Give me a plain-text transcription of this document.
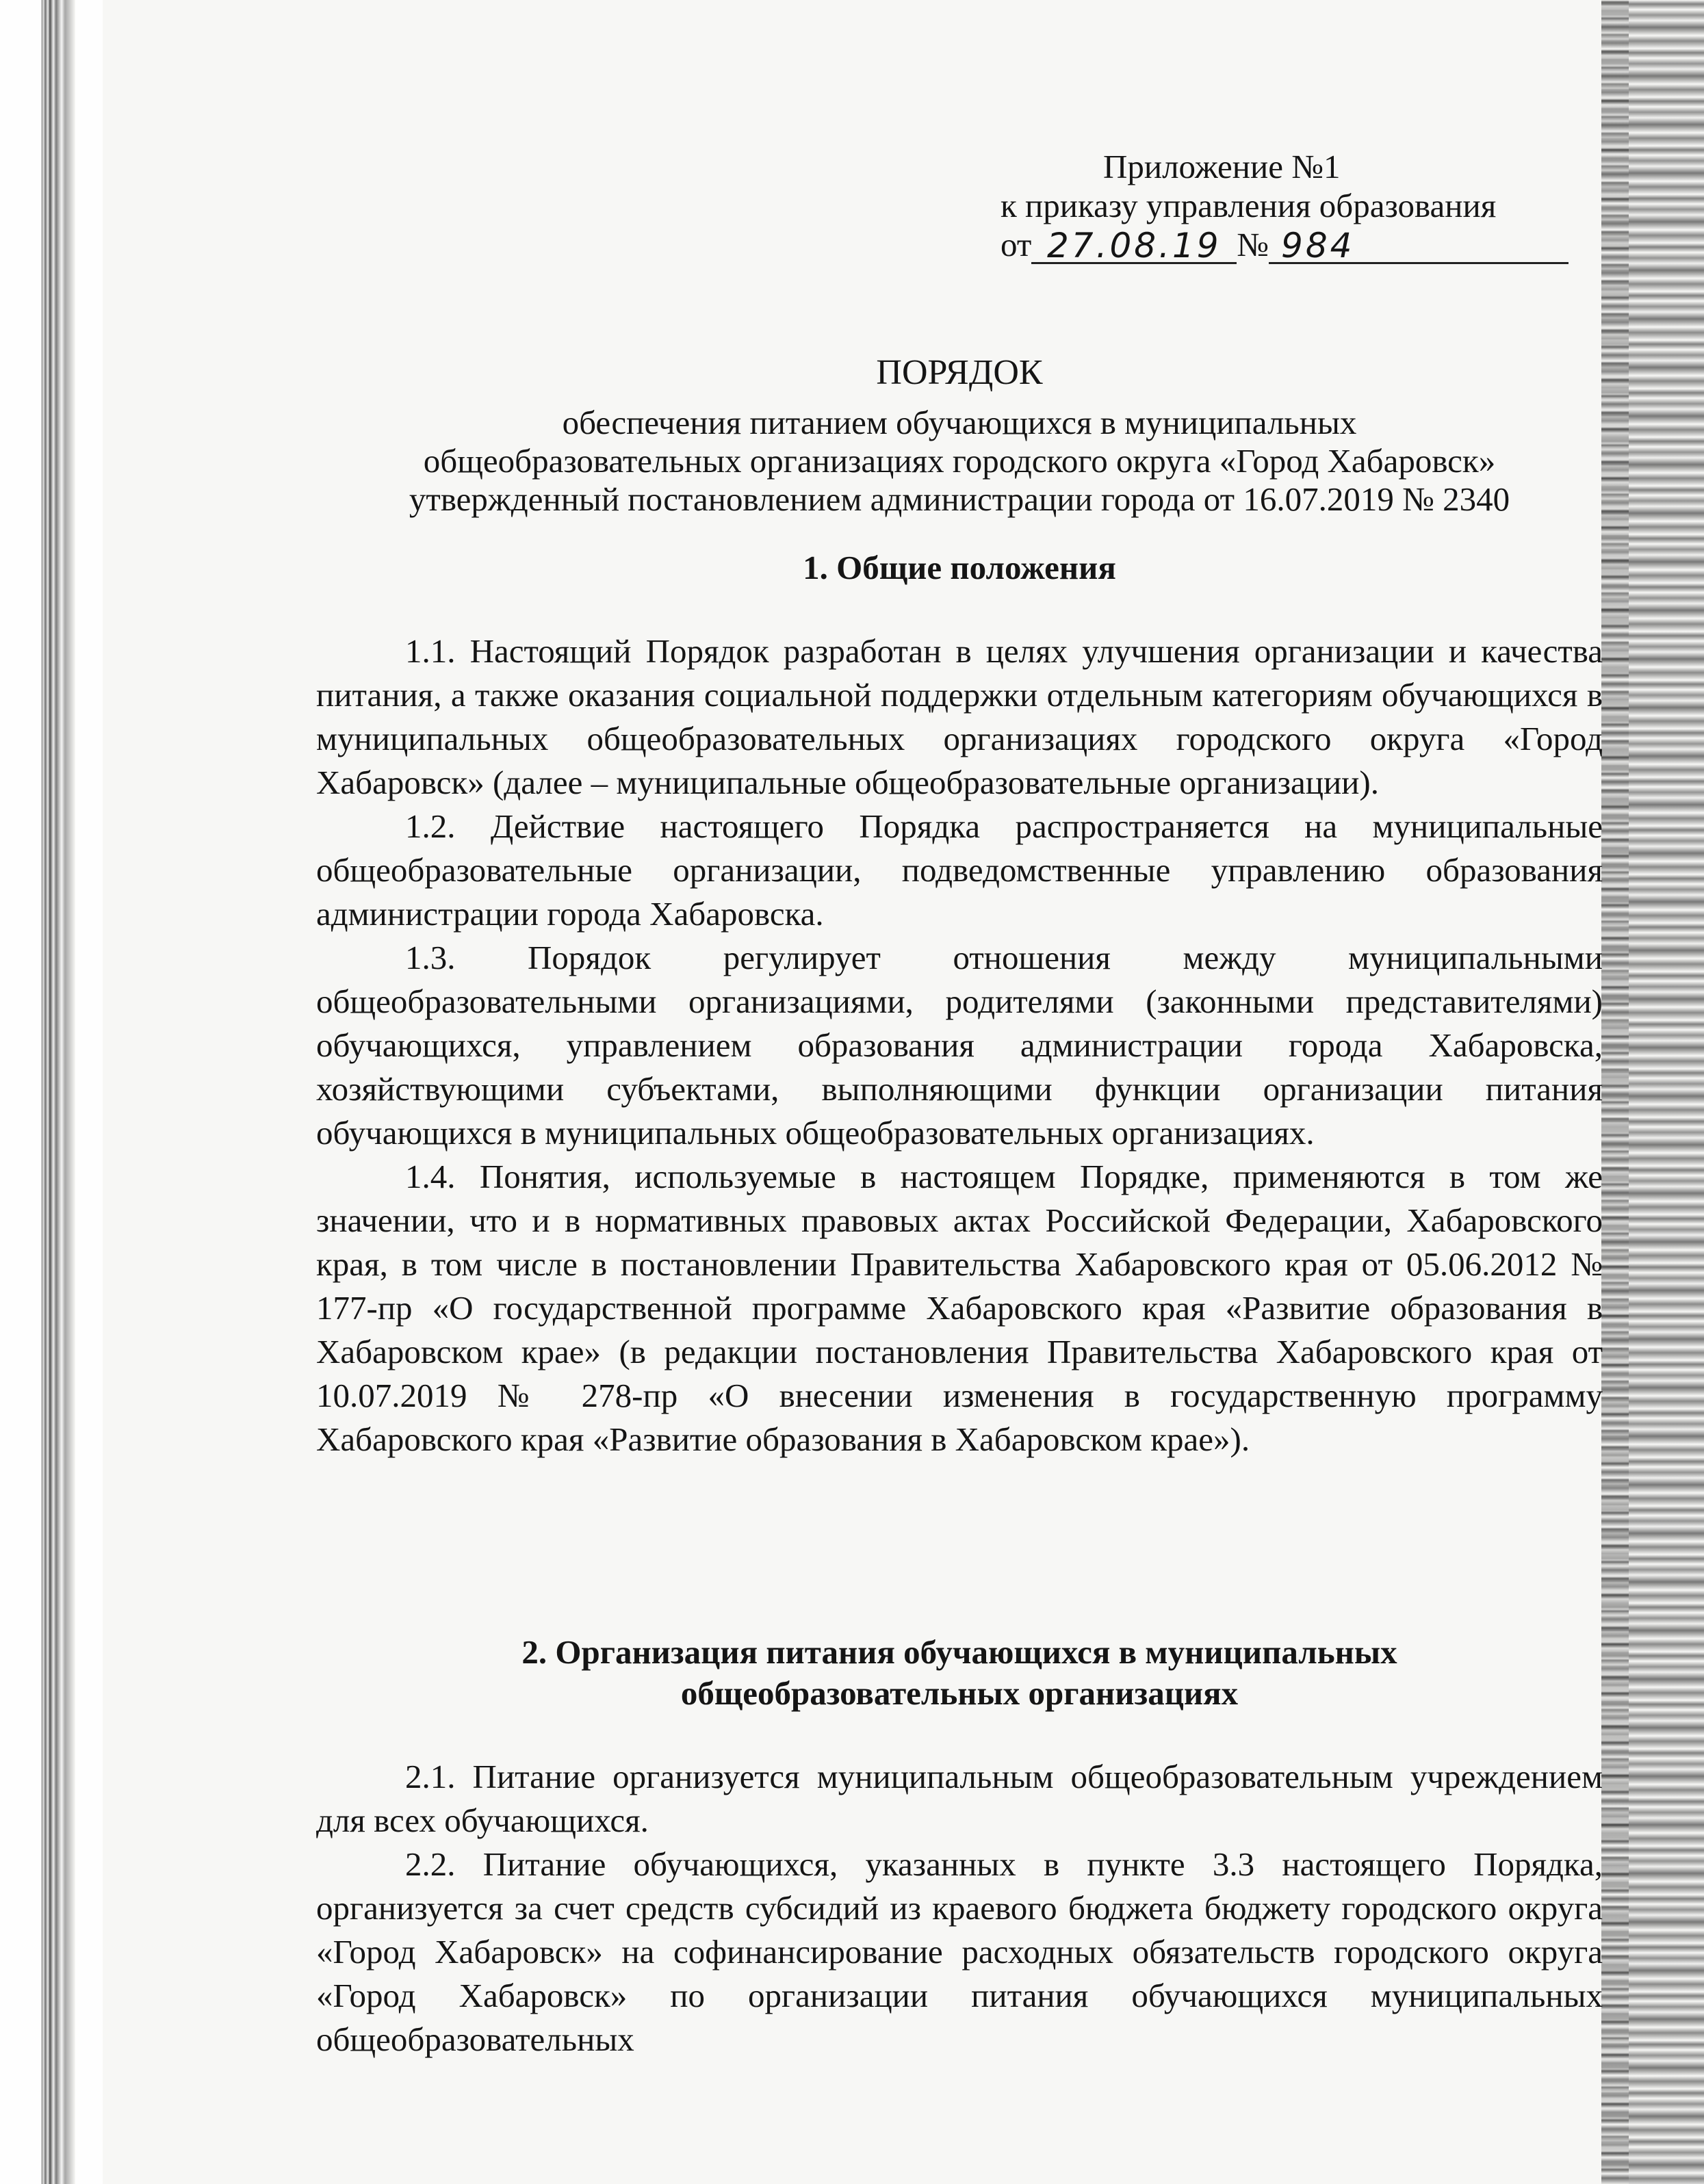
Приложение №1
к приказу управления образования
от 27.08.19 № 984
ПОРЯДОК
обеспечения питанием обучающихся в муниципальных
общеобразовательных организациях городского округа «Город Хабаровск»
утвержденный постановлением администрации города от 16.07.2019 № 2340
1. Общие положения

1.1. Настоящий Порядок разработан в целях улучшения организации и качества питания, а также оказания социальной поддержки отдельным категориям обучающихся в муниципальных общеобразовательных организациях городского округа «Город Хабаровск» (далее – муниципальные общеобразовательные организации).

1.2. Действие настоящего Порядка распространяется на муниципальные общеобразовательные организации, подведомственные управлению образования администрации города Хабаровска.

1.3. Порядок регулирует отношения между муниципальными общеобразовательными организациями, родителями (законными представителями) обучающихся, управлением образования администрации города Хабаровска, хозяйствующими субъектами, выполняющими функции организации питания обучающихся в муниципальных общеобразовательных организациях.

1.4. Понятия, используемые в настоящем Порядке, применяются в том же значении, что и в нормативных правовых актах Российской Федерации, Хабаровского края, в том числе в постановлении Правительства Хабаровского края от 05.06.2012 № 177-пр «О государственной программе Хабаровского края «Развитие образования в Хабаровском крае» (в редакции постановления Правительства Хабаровского края от 10.07.2019 № 278-пр «О внесении изменения в государственную программу Хабаровского края «Развитие образования в Хабаровском крае»).

2. Организация питания обучающихся в муниципальных
общеобразовательных организациях

2.1. Питание организуется муниципальным общеобразовательным учреждением для всех обучающихся.

2.2. Питание обучающихся, указанных в пункте 3.3 настоящего Порядка, организуется за счет средств субсидий из краевого бюджета бюджету городского округа «Город Хабаровск» на софинансирование расходных обязательств городского округа «Город Хабаровск» по организации питания обучающихся муниципальных общеобразовательных
